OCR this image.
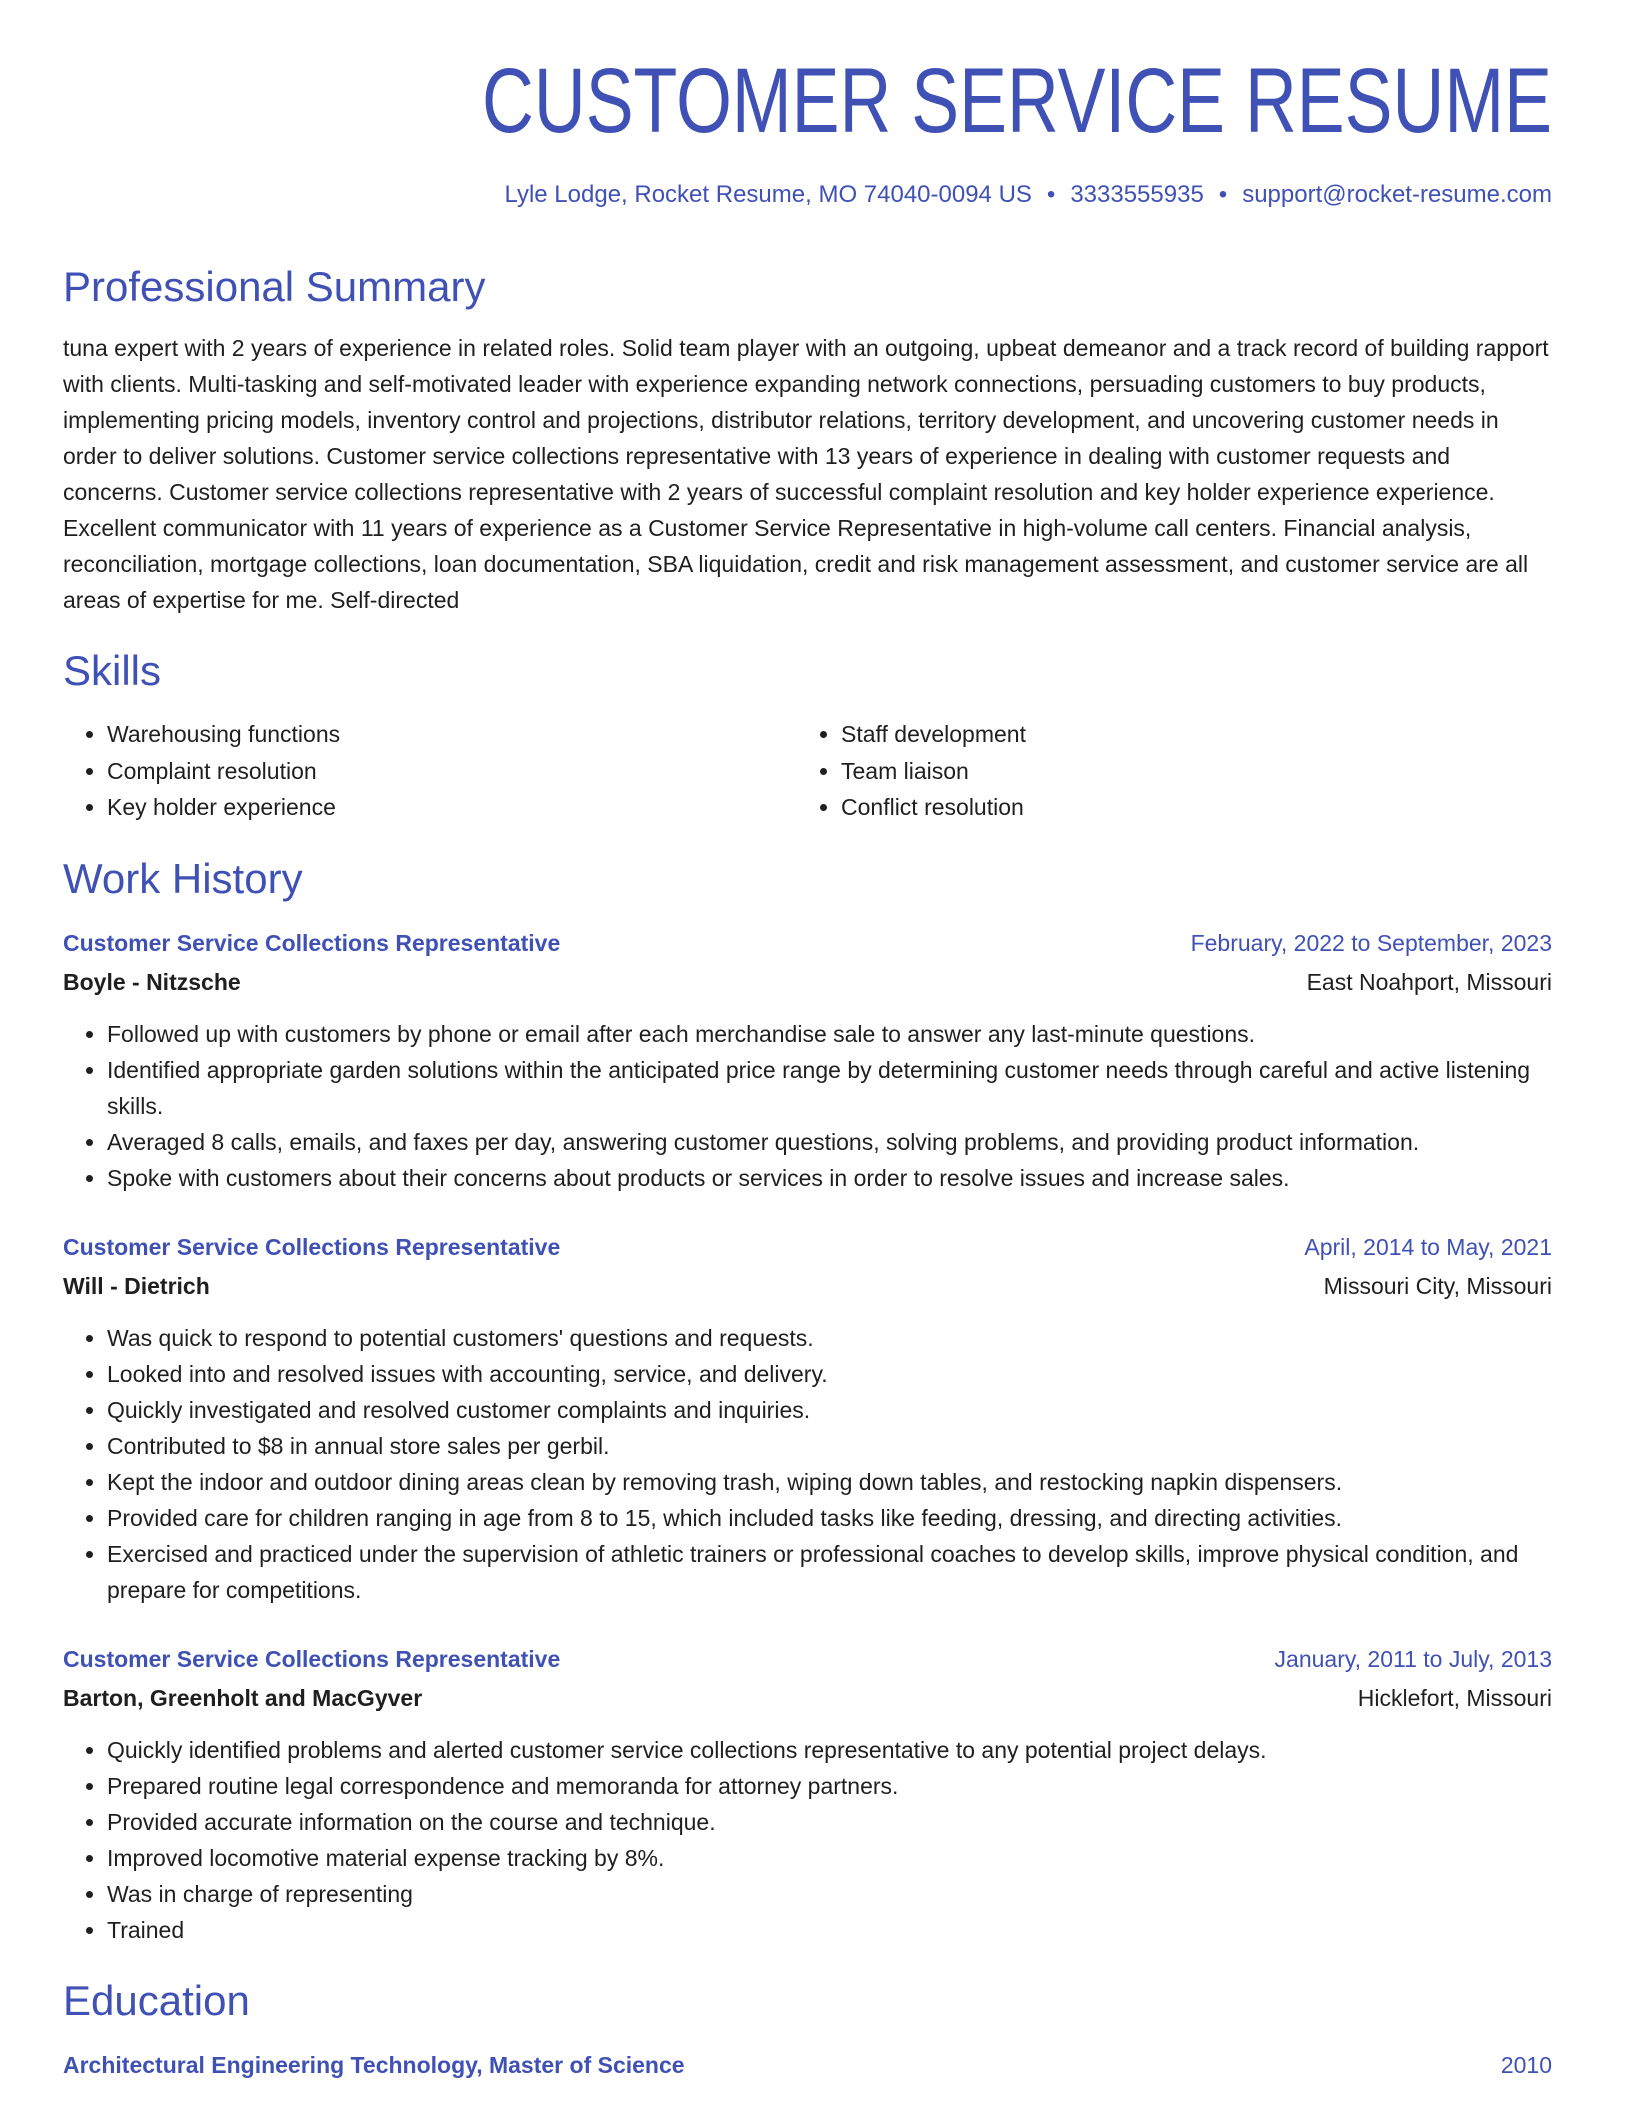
CUSTOMER SERVICE RESUME
Lyle Lodge, Rocket Resume, MO 74040-0094 US • 3333555935 • support@rocket-resume.com
Professional Summary

tuna expert with 2 years of experience in related roles. Solid team player with an outgoing, upbeat demeanor and a track record of building rapport with clients. Multi-tasking and self-motivated leader with experience expanding network connections, persuading customers to buy products, implementing pricing models, inventory control and projections, distributor relations, territory development, and uncovering customer needs in order to deliver solutions. Customer service collections representative with 13 years of experience in dealing with customer requests and concerns. Customer service collections representative with 2 years of successful complaint resolution and key holder experience experience. Excellent communicator with 11 years of experience as a Customer Service Representative in high-volume call centers. Financial analysis, reconciliation, mortgage collections, loan documentation, SBA liquidation, credit and risk management assessment, and customer service are all areas of expertise for me. Self-directed

Skills
• Warehousing functions
• Complaint resolution
• Key holder experience
• Staff development
• Team liaison
• Conflict resolution
Work History
Customer Service Collections Representative	February, 2022 to September, 2023
Boyle - Nitzsche	East Noahport, Missouri
• Followed up with customers by phone or email after each merchandise sale to answer any last-minute questions.
• Identified appropriate garden solutions within the anticipated price range by determining customer needs through careful and active listening skills.
• Averaged 8 calls, emails, and faxes per day, answering customer questions, solving problems, and providing product information.
• Spoke with customers about their concerns about products or services in order to resolve issues and increase sales.
Customer Service Collections Representative	April, 2014 to May, 2021
Will - Dietrich	Missouri City, Missouri
• Was quick to respond to potential customers' questions and requests.
• Looked into and resolved issues with accounting, service, and delivery.
• Quickly investigated and resolved customer complaints and inquiries.
• Contributed to $8 in annual store sales per gerbil.
• Kept the indoor and outdoor dining areas clean by removing trash, wiping down tables, and restocking napkin dispensers.
• Provided care for children ranging in age from 8 to 15, which included tasks like feeding, dressing, and directing activities.
• Exercised and practiced under the supervision of athletic trainers or professional coaches to develop skills, improve physical condition, and prepare for competitions.
Customer Service Collections Representative	January, 2011 to July, 2013
Barton, Greenholt and MacGyver	Hicklefort, Missouri
• Quickly identified problems and alerted customer service collections representative to any potential project delays.
• Prepared routine legal correspondence and memoranda for attorney partners.
• Provided accurate information on the course and technique.
• Improved locomotive material expense tracking by 8%.
• Was in charge of representing
• Trained
Education
Architectural Engineering Technology, Master of Science	2010
